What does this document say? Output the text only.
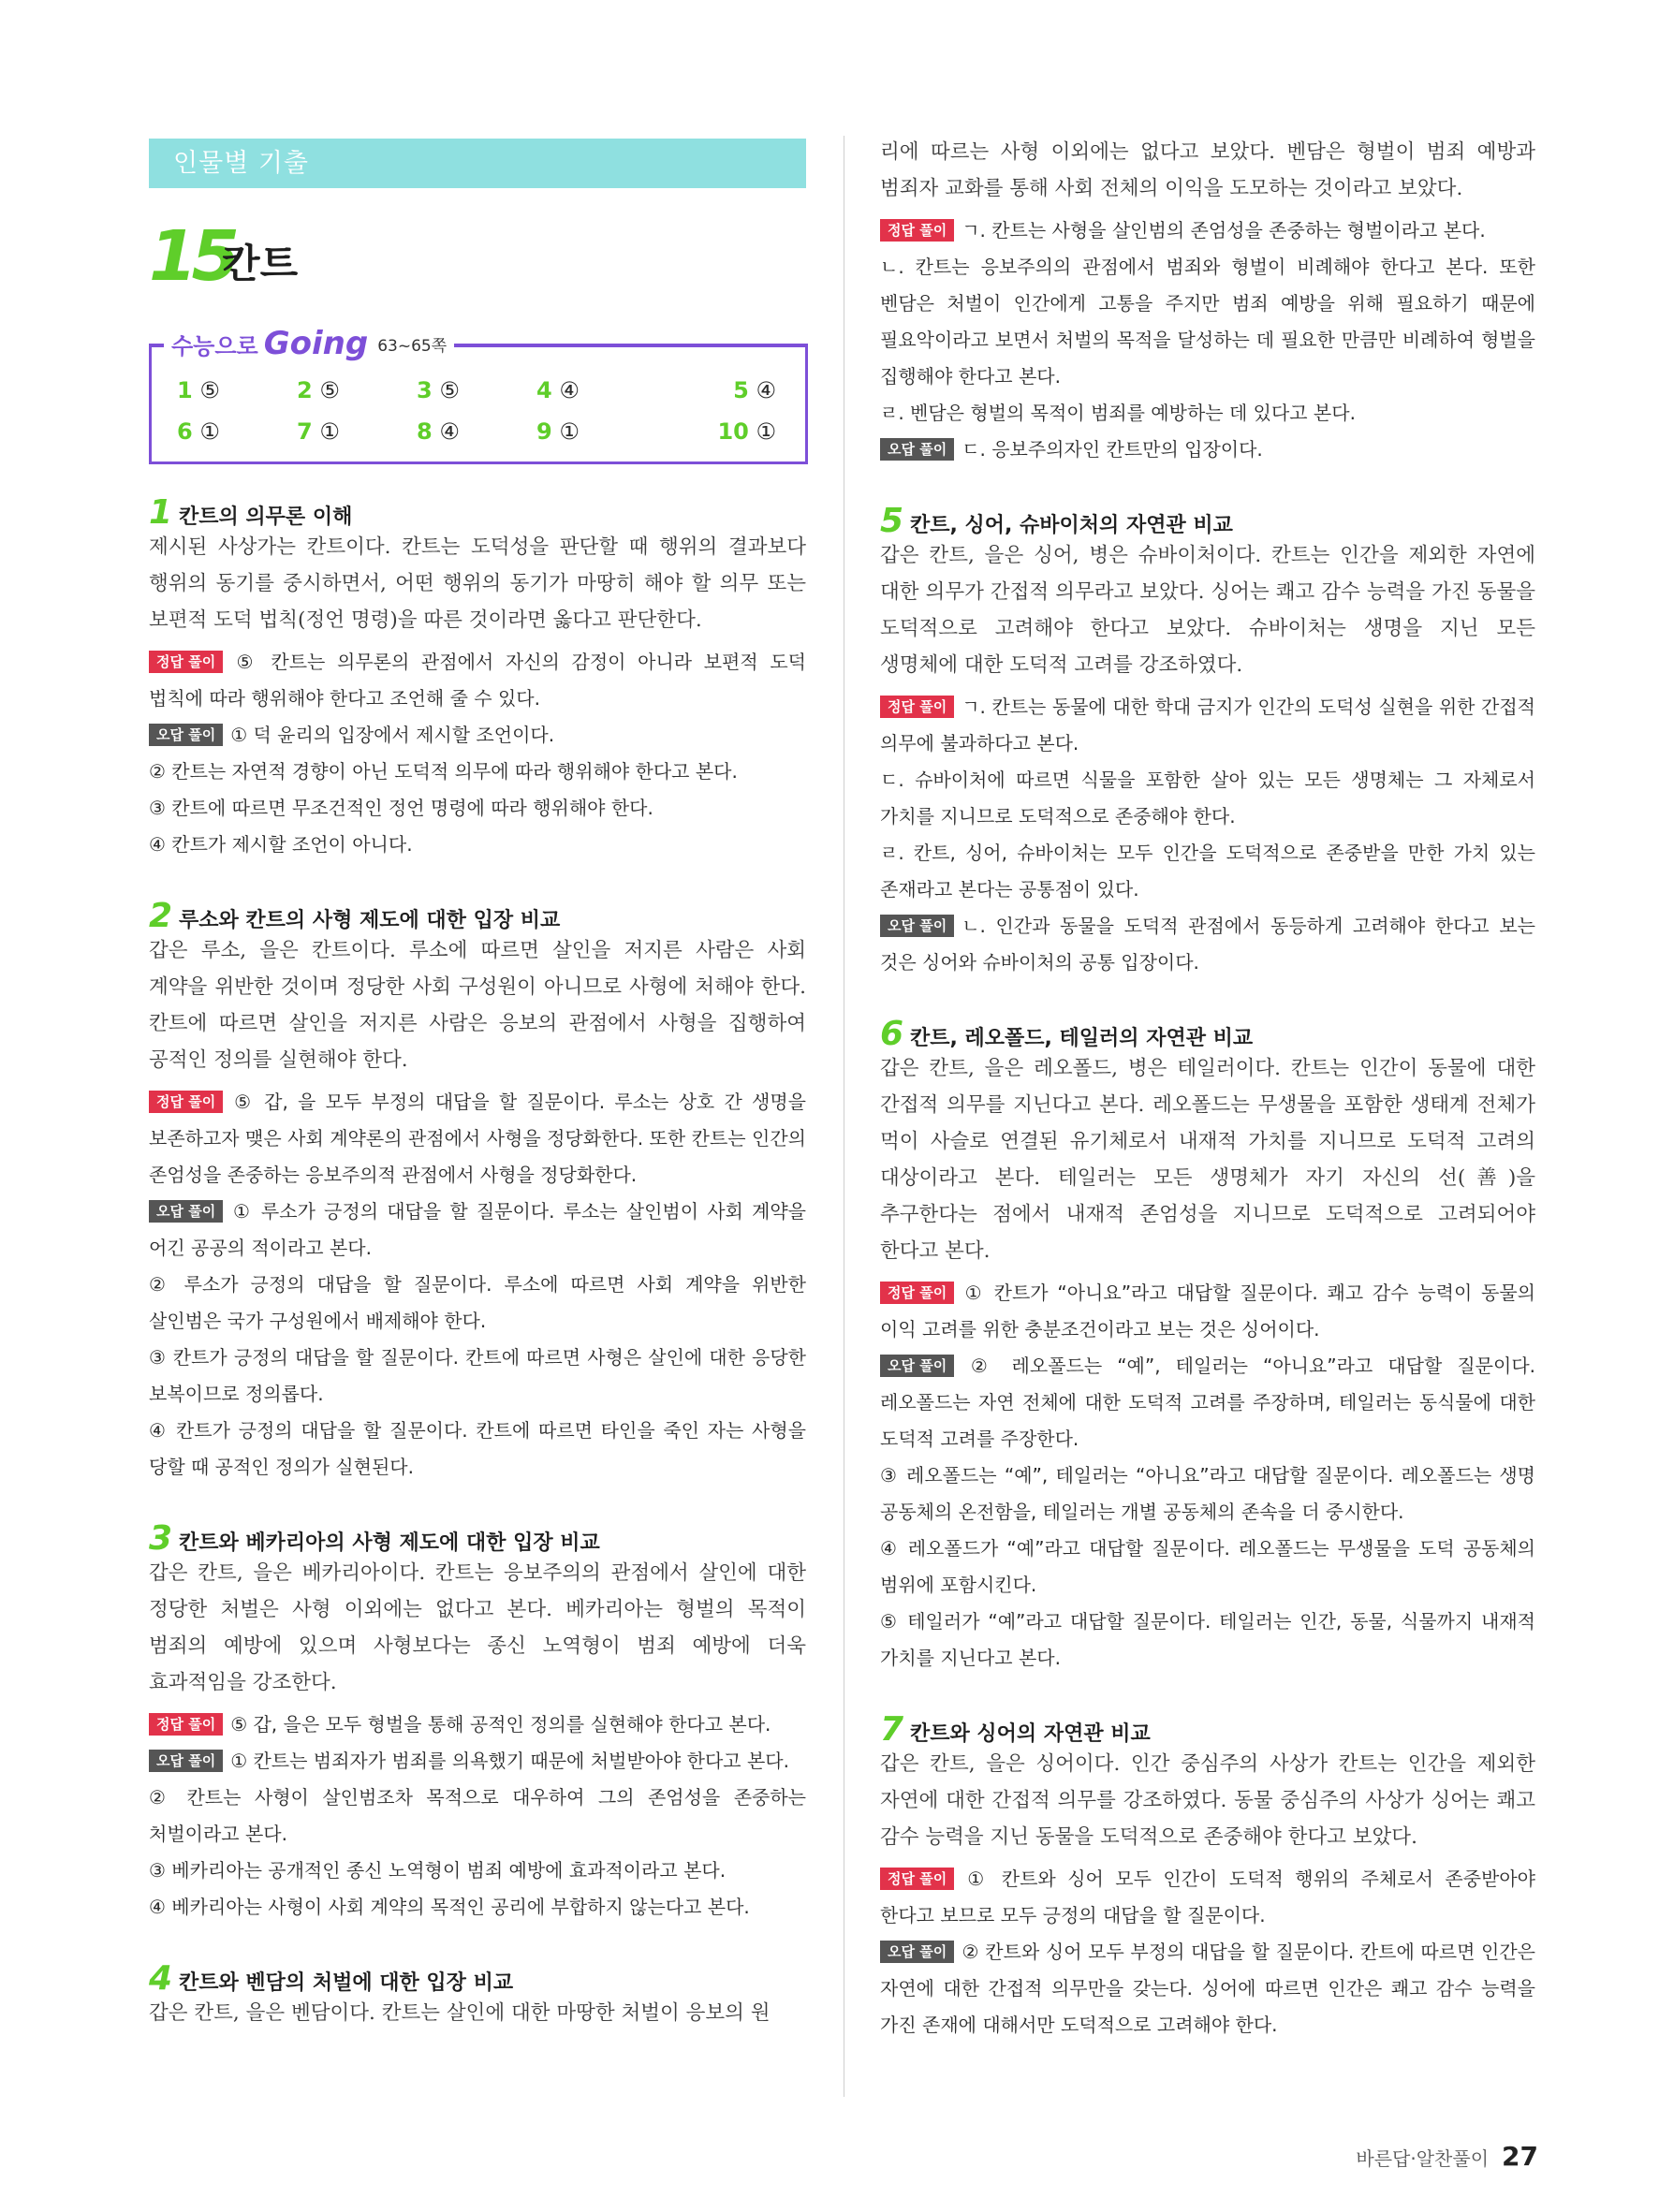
인물별 기출
15
칸트
수능으로 Going 63~65쪽
1 ⑤	2 ⑤	3 ⑤	4 ④	5 ④
6 ①	7 ①	8 ④	9 ①	10 ①
1 칸트의 의무론 이해
제시된 사상가는 칸트이다. 칸트는 도덕성을 판단할 때 행위의 결과보다 행위의 동기를 중시하면서, 어떤 행위의 동기가 마땅히 해야 할 의무 또는 보편적 도덕 법칙(정언 명령)을 따른 것이라면 옳다고 판단한다.
정답 풀이 ⑤ 칸트는 의무론의 관점에서 자신의 감정이 아니라 보편적 도덕 법칙에 따라 행위해야 한다고 조언해 줄 수 있다.
오답 풀이 ① 덕 윤리의 입장에서 제시할 조언이다.
② 칸트는 자연적 경향이 아닌 도덕적 의무에 따라 행위해야 한다고 본다.
③ 칸트에 따르면 무조건적인 정언 명령에 따라 행위해야 한다.
④ 칸트가 제시할 조언이 아니다.
2 루소와 칸트의 사형 제도에 대한 입장 비교
갑은 루소, 을은 칸트이다. 루소에 따르면 살인을 저지른 사람은 사회 계약을 위반한 것이며 정당한 사회 구성원이 아니므로 사형에 처해야 한다. 칸트에 따르면 살인을 저지른 사람은 응보의 관점에서 사형을 집행하여 공적인 정의를 실현해야 한다.
정답 풀이 ⑤ 갑, 을 모두 부정의 대답을 할 질문이다. 루소는 상호 간 생명을 보존하고자 맺은 사회 계약론의 관점에서 사형을 정당화한다. 또한 칸트는 인간의 존엄성을 존중하는 응보주의적 관점에서 사형을 정당화한다.
오답 풀이 ① 루소가 긍정의 대답을 할 질문이다. 루소는 살인범이 사회 계약을 어긴 공공의 적이라고 본다.
② 루소가 긍정의 대답을 할 질문이다. 루소에 따르면 사회 계약을 위반한 살인범은 국가 구성원에서 배제해야 한다.
③ 칸트가 긍정의 대답을 할 질문이다. 칸트에 따르면 사형은 살인에 대한 응당한 보복이므로 정의롭다.
④ 칸트가 긍정의 대답을 할 질문이다. 칸트에 따르면 타인을 죽인 자는 사형을 당할 때 공적인 정의가 실현된다.
3 칸트와 베카리아의 사형 제도에 대한 입장 비교
갑은 칸트, 을은 베카리아이다. 칸트는 응보주의의 관점에서 살인에 대한 정당한 처벌은 사형 이외에는 없다고 본다. 베카리아는 형벌의 목적이 범죄의 예방에 있으며 사형보다는 종신 노역형이 범죄 예방에 더욱 효과적임을 강조한다.
정답 풀이 ⑤ 갑, 을은 모두 형벌을 통해 공적인 정의를 실현해야 한다고 본다.
오답 풀이 ① 칸트는 범죄자가 범죄를 의욕했기 때문에 처벌받아야 한다고 본다.
② 칸트는 사형이 살인범조차 목적으로 대우하여 그의 존엄성을 존중하는 처벌이라고 본다.
③ 베카리아는 공개적인 종신 노역형이 범죄 예방에 효과적이라고 본다.
④ 베카리아는 사형이 사회 계약의 목적인 공리에 부합하지 않는다고 본다.
4 칸트와 벤담의 처벌에 대한 입장 비교
갑은 칸트, 을은 벤담이다. 칸트는 살인에 대한 마땅한 처벌이 응보의 원
리에 따르는 사형 이외에는 없다고 보았다. 벤담은 형벌이 범죄 예방과 범죄자 교화를 통해 사회 전체의 이익을 도모하는 것이라고 보았다.
정답 풀이 ㄱ. 칸트는 사형을 살인범의 존엄성을 존중하는 형벌이라고 본다.
ㄴ. 칸트는 응보주의의 관점에서 범죄와 형벌이 비례해야 한다고 본다. 또한 벤담은 처벌이 인간에게 고통을 주지만 범죄 예방을 위해 필요하기 때문에 필요악이라고 보면서 처벌의 목적을 달성하는 데 필요한 만큼만 비례하여 형벌을 집행해야 한다고 본다.
ㄹ. 벤담은 형벌의 목적이 범죄를 예방하는 데 있다고 본다.
오답 풀이 ㄷ. 응보주의자인 칸트만의 입장이다.
5 칸트, 싱어, 슈바이처의 자연관 비교
갑은 칸트, 을은 싱어, 병은 슈바이처이다. 칸트는 인간을 제외한 자연에 대한 의무가 간접적 의무라고 보았다. 싱어는 쾌고 감수 능력을 가진 동물을 도덕적으로 고려해야 한다고 보았다. 슈바이처는 생명을 지닌 모든 생명체에 대한 도덕적 고려를 강조하였다.
정답 풀이 ㄱ. 칸트는 동물에 대한 학대 금지가 인간의 도덕성 실현을 위한 간접적 의무에 불과하다고 본다.
ㄷ. 슈바이처에 따르면 식물을 포함한 살아 있는 모든 생명체는 그 자체로서 가치를 지니므로 도덕적으로 존중해야 한다.
ㄹ. 칸트, 싱어, 슈바이처는 모두 인간을 도덕적으로 존중받을 만한 가치 있는 존재라고 본다는 공통점이 있다.
오답 풀이 ㄴ. 인간과 동물을 도덕적 관점에서 동등하게 고려해야 한다고 보는 것은 싱어와 슈바이처의 공통 입장이다.
6 칸트, 레오폴드, 테일러의 자연관 비교
갑은 칸트, 을은 레오폴드, 병은 테일러이다. 칸트는 인간이 동물에 대한 간접적 의무를 지닌다고 본다. 레오폴드는 무생물을 포함한 생태계 전체가 먹이 사슬로 연결된 유기체로서 내재적 가치를 지니므로 도덕적 고려의 대상이라고 본다. 테일러는 모든 생명체가 자기 자신의 선(善)을 추구한다는 점에서 내재적 존엄성을 지니므로 도덕적으로 고려되어야 한다고 본다.
정답 풀이 ① 칸트가 “아니요”라고 대답할 질문이다. 쾌고 감수 능력이 동물의 이익 고려를 위한 충분조건이라고 보는 것은 싱어이다.
오답 풀이 ② 레오폴드는 “예”, 테일러는 “아니요”라고 대답할 질문이다. 레오폴드는 자연 전체에 대한 도덕적 고려를 주장하며, 테일러는 동식물에 대한 도덕적 고려를 주장한다.
③ 레오폴드는 “예”, 테일러는 “아니요”라고 대답할 질문이다. 레오폴드는 생명 공동체의 온전함을, 테일러는 개별 공동체의 존속을 더 중시한다.
④ 레오폴드가 “예”라고 대답할 질문이다. 레오폴드는 무생물을 도덕 공동체의 범위에 포함시킨다.
⑤ 테일러가 “예”라고 대답할 질문이다. 테일러는 인간, 동물, 식물까지 내재적 가치를 지닌다고 본다.
7 칸트와 싱어의 자연관 비교
갑은 칸트, 을은 싱어이다. 인간 중심주의 사상가 칸트는 인간을 제외한 자연에 대한 간접적 의무를 강조하였다. 동물 중심주의 사상가 싱어는 쾌고 감수 능력을 지닌 동물을 도덕적으로 존중해야 한다고 보았다.
정답 풀이 ① 칸트와 싱어 모두 인간이 도덕적 행위의 주체로서 존중받아야 한다고 보므로 모두 긍정의 대답을 할 질문이다.
오답 풀이 ② 칸트와 싱어 모두 부정의 대답을 할 질문이다. 칸트에 따르면 인간은 자연에 대한 간접적 의무만을 갖는다. 싱어에 따르면 인간은 쾌고 감수 능력을 가진 존재에 대해서만 도덕적으로 고려해야 한다.
바른답·알찬풀이 27
